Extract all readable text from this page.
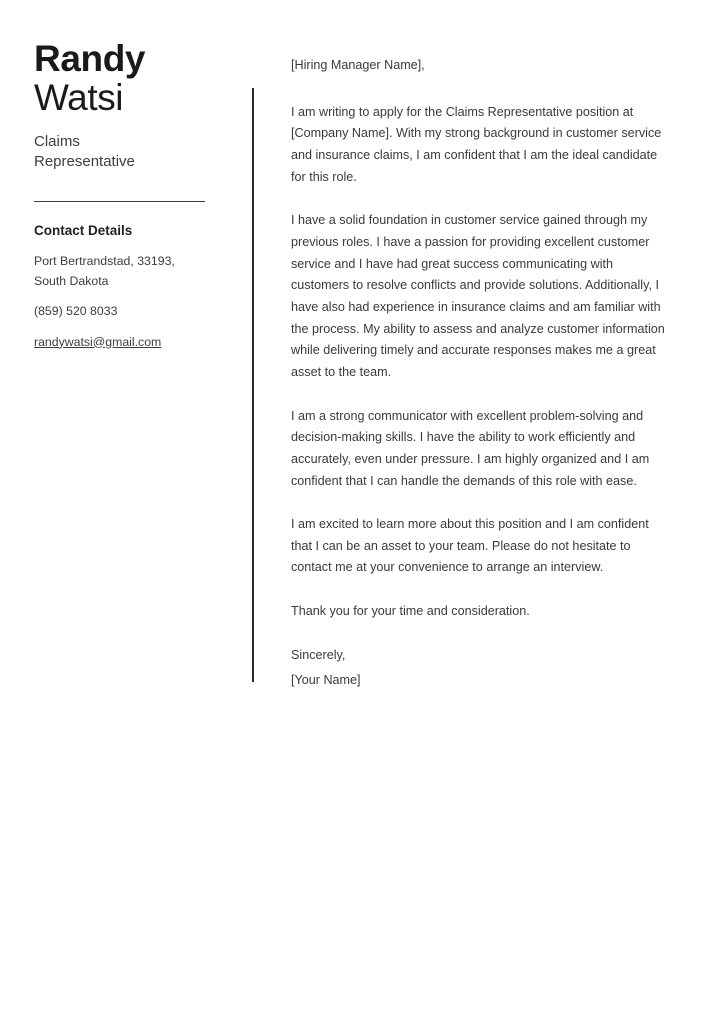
Randy
Watsi
Claims Representative
Contact Details
Port Bertrandstad, 33193,
South Dakota
(859) 520 8033
randywatsi@gmail.com

[Hiring Manager Name],

I am writing to apply for the Claims Representative position at [Company Name]. With my strong background in customer service and insurance claims, I am confident that I am the ideal candidate for this role.

I have a solid foundation in customer service gained through my previous roles. I have a passion for providing excellent customer service and I have had great success communicating with customers to resolve conflicts and provide solutions. Additionally, I have also had experience in insurance claims and am familiar with the process. My ability to assess and analyze customer information while delivering timely and accurate responses makes me a great asset to the team.

I am a strong communicator with excellent problem-solving and decision-making skills. I have the ability to work efficiently and accurately, even under pressure. I am highly organized and I am confident that I can handle the demands of this role with ease.

I am excited to learn more about this position and I am confident that I can be an asset to your team. Please do not hesitate to contact me at your convenience to arrange an interview.

Thank you for your time and consideration.

Sincerely,

[Your Name]
